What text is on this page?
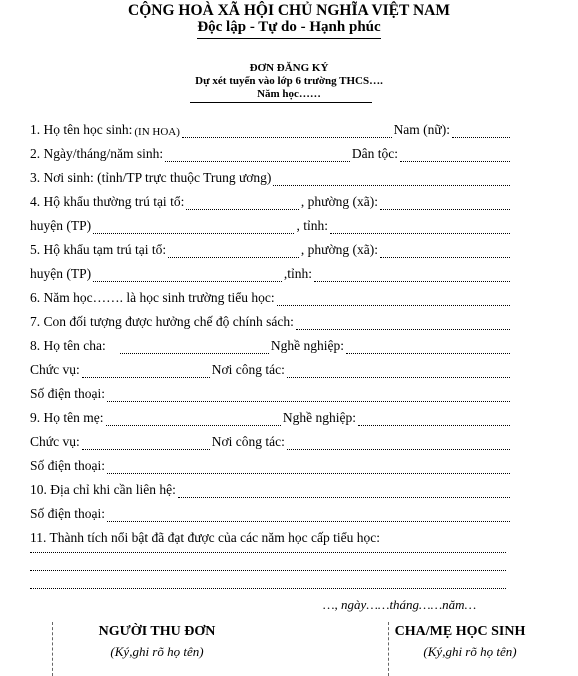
CỘNG HOÀ XÃ HỘI CHỦ NGHĨA VIỆT NAM
Độc lập - Tự do - Hạnh phúc
ĐƠN ĐĂNG KÝ
Dự xét tuyển vào lớp 6 trường THCS….
Năm học……
1. Họ tên học sinh: (IN HOA)	Nam (nữ):
2. Ngày/tháng/năm sinh:	Dân tộc:
3. Nơi sinh: (tỉnh/TP trực thuộc Trung ương)
4. Hộ khẩu thường trú tại tổ:	, phường (xã):
huyện (TP)	, tỉnh:
5. Hộ khẩu tạm trú tại tổ:	, phường (xã):
huyện (TP)	,tỉnh:
6. Năm học……. là học sinh trường tiểu học:
7. Con đối tượng được hưởng chế độ chính sách:
8. Họ tên cha:	Nghề nghiệp:
Chức vụ:	Nơi công tác:
Số điện thoại:
9. Họ tên mẹ:	Nghề nghiệp:
Chức vụ:	Nơi công tác:
Số điện thoại:
10. Địa chỉ khi cần liên hệ:
Số điện thoại:
11. Thành tích nổi bật đã đạt được của các năm học cấp tiểu học:
…, ngày……tháng……năm…
NGƯỜI THU ĐƠN
(Ký,ghi rõ họ tên)
CHA/MẸ HỌC SINH
(Ký,ghi rõ họ tên)
